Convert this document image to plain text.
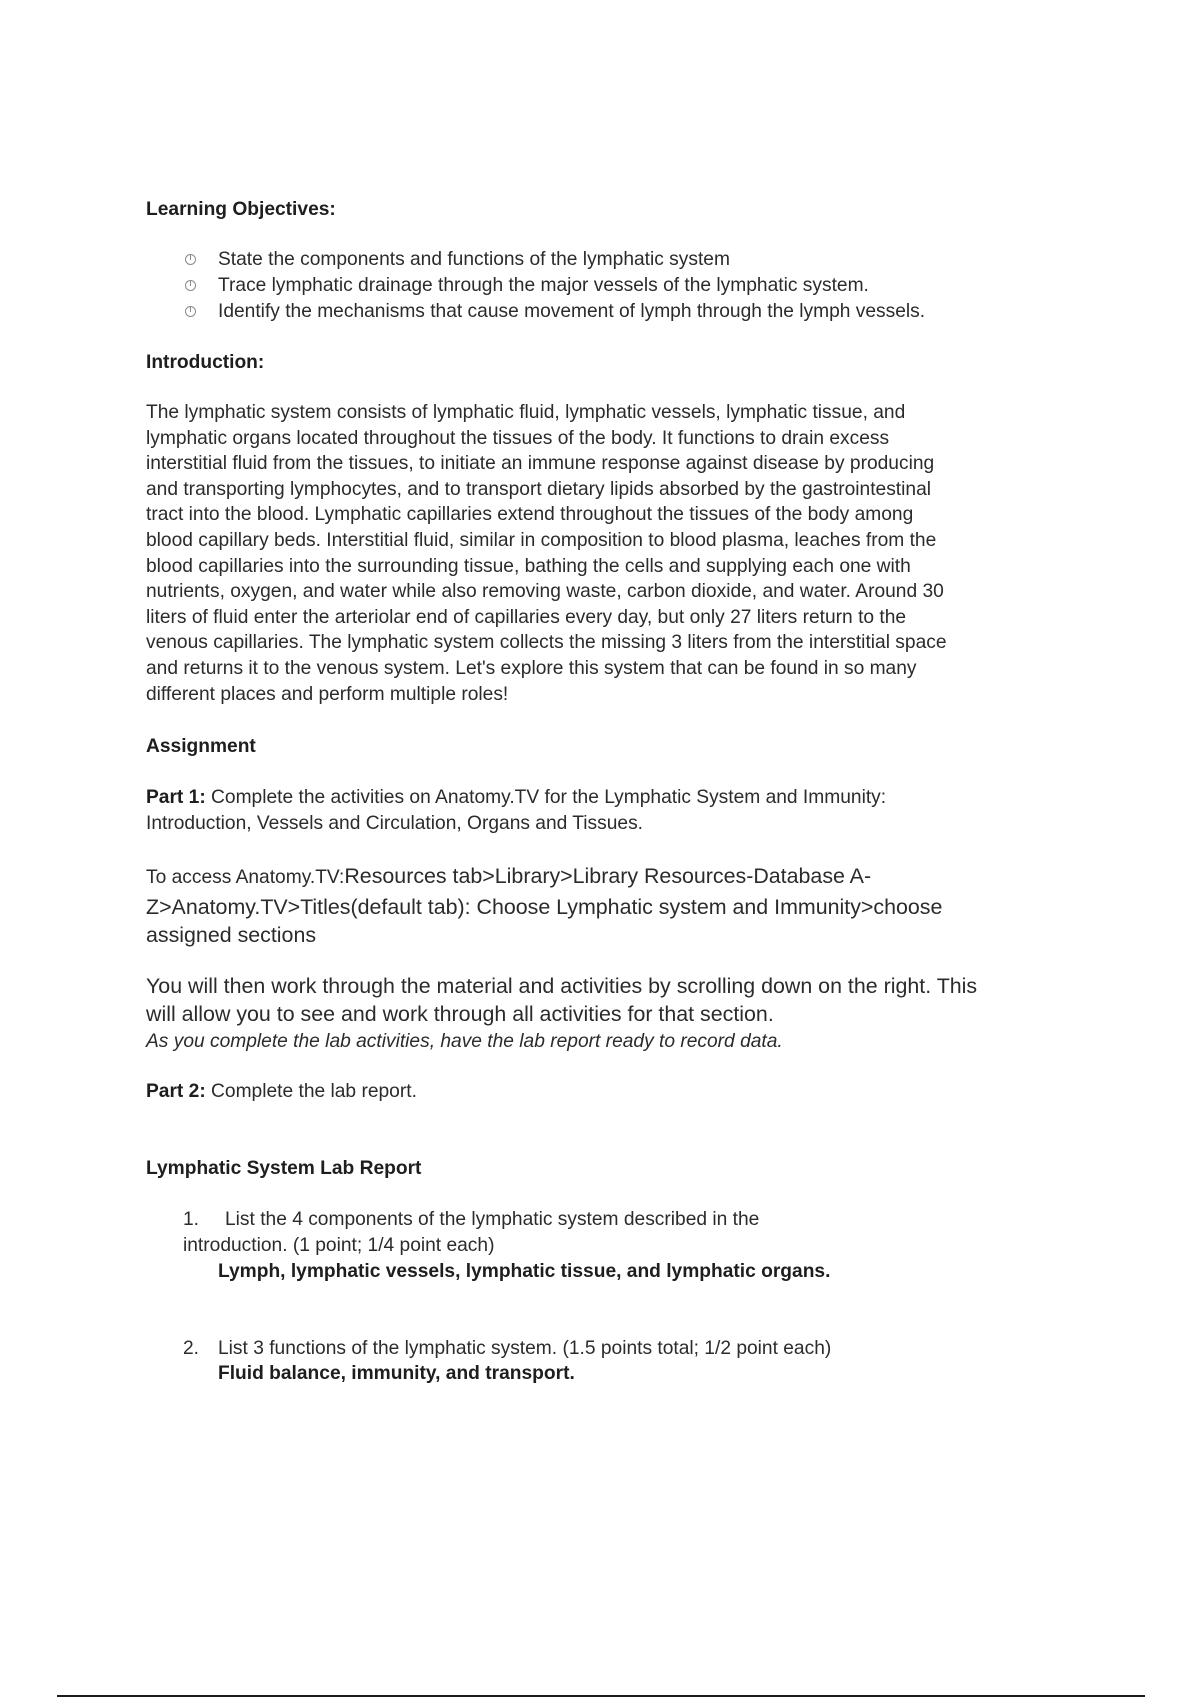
Learning Objectives:
State the components and functions of the lymphatic system
Trace lymphatic drainage through the major vessels of the lymphatic system.
Identify the mechanisms that cause movement of lymph through the lymph vessels.
Introduction:
The lymphatic system consists of lymphatic fluid, lymphatic vessels, lymphatic tissue, and
lymphatic organs located throughout the tissues of the body. It functions to drain excess
interstitial fluid from the tissues, to initiate an immune response against disease by producing
and transporting lymphocytes, and to transport dietary lipids absorbed by the gastrointestinal
tract into the blood. Lymphatic capillaries extend throughout the tissues of the body among
blood capillary beds. Interstitial fluid, similar in composition to blood plasma, leaches from the
blood capillaries into the surrounding tissue, bathing the cells and supplying each one with
nutrients, oxygen, and water while also removing waste, carbon dioxide, and water. Around 30
liters of fluid enter the arteriolar end of capillaries every day, but only 27 liters return to the
venous capillaries. The lymphatic system collects the missing 3 liters from the interstitial space
and returns it to the venous system. Let's explore this system that can be found in so many
different places and perform multiple roles!
Assignment
Part 1: Complete the activities on Anatomy.TV for the Lymphatic System and Immunity:
Introduction, Vessels and Circulation, Organs and Tissues.
To access Anatomy.TV:Resources tab>Library>Library Resources-Database A-
Z>Anatomy.TV>Titles(default tab): Choose Lymphatic system and Immunity>choose
assigned sections
You will then work through the material and activities by scrolling down on the right. This
will allow you to see and work through all activities for that section.
As you complete the lab activities, have the lab report ready to record data.
Part 2: Complete the lab report.
Lymphatic System Lab Report
1. List the 4 components of the lymphatic system described in the
introduction. (1 point; 1/4 point each)
Lymph, lymphatic vessels, lymphatic tissue, and lymphatic organs.
2. List 3 functions of the lymphatic system. (1.5 points total; 1/2 point each)
Fluid balance, immunity, and transport.
